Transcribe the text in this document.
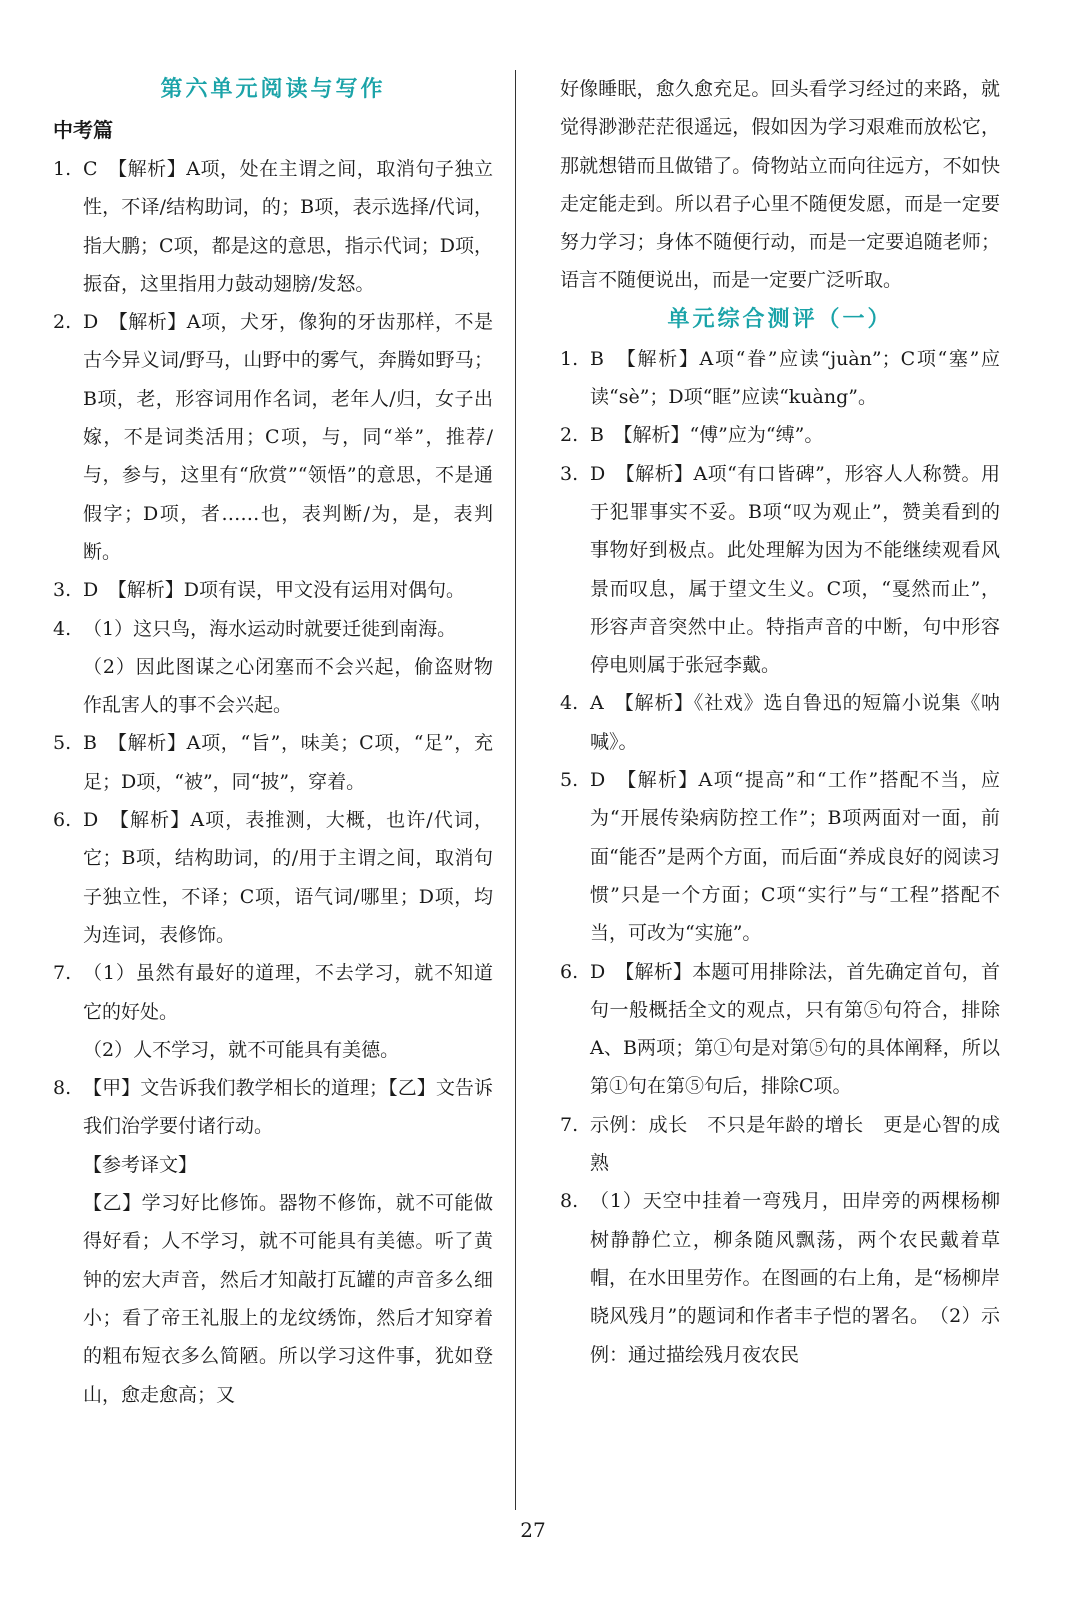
第六单元阅读与写作
中考篇
1. C　【解析】A项，处在主谓之间，取消句子独立性，不译/结构助词，的；B项，表示选择/代词，指大鹏；C项，都是这的意思，指示代词；D项，振奋，这里指用力鼓动翅膀/发怒。
2. D　【解析】A项，犬牙，像狗的牙齿那样，不是古今异义词/野马，山野中的雾气，奔腾如野马；B项，老，形容词用作名词，老年人/归，女子出嫁，不是词类活用；C项，与，同“举”，推荐/与，参与，这里有“欣赏”“领悟”的意思，不是通假字；D项，者……也，表判断/为，是，表判断。
3. D　【解析】D项有误，甲文没有运用对偶句。
4. （1）这只鸟，海水运动时就要迁徙到南海。
（2）因此图谋之心闭塞而不会兴起，偷盗财物作乱害人的事不会兴起。
5. B　【解析】A项，“旨”，味美；C项，“足”，充足；D项，“被”，同“披”，穿着。
6. D　【解析】A项，表推测，大概，也许/代词，它；B项，结构助词，的/用于主谓之间，取消句子独立性，不译；C项，语气词/哪里；D项，均为连词，表修饰。
7. （1）虽然有最好的道理，不去学习，就不知道它的好处。
（2）人不学习，就不可能具有美德。
8. 【甲】文告诉我们教学相长的道理；【乙】文告诉我们治学要付诸行动。
【参考译文】
【乙】学习好比修饰。器物不修饰，就不可能做得好看；人不学习，就不可能具有美德。听了黄钟的宏大声音，然后才知敲打瓦罐的声音多么细小；看了帝王礼服上的龙纹绣饰，然后才知穿着的粗布短衣多么简陋。所以学习这件事，犹如登山，愈走愈高；又
好像睡眠，愈久愈充足。回头看学习经过的来路，就觉得渺渺茫茫很遥远，假如因为学习艰难而放松它，那就想错而且做错了。倚物站立而向往远方，不如快走定能走到。所以君子心里不随便发愿，而是一定要努力学习；身体不随便行动，而是一定要追随老师；语言不随便说出，而是一定要广泛听取。
单元综合测评（一）
1. B　【解析】A项“眷”应读“juàn”；C项“塞”应读“sè”；D项“眶”应读“kuàng”。
2. B　【解析】“傅”应为“缚”。
3. D　【解析】A项“有口皆碑”，形容人人称赞。用于犯罪事实不妥。B项“叹为观止”，赞美看到的事物好到极点。此处理解为因为不能继续观看风景而叹息，属于望文生义。C项，“戛然而止”，形容声音突然中止。特指声音的中断，句中形容停电则属于张冠李戴。
4. A　【解析】《社戏》选自鲁迅的短篇小说集《呐喊》。
5. D　【解析】A项“提高”和“工作”搭配不当，应为“开展传染病防控工作”；B项两面对一面，前面“能否”是两个方面，而后面“养成良好的阅读习惯”只是一个方面；C项“实行”与“工程”搭配不当，可改为“实施”。
6. D　【解析】本题可用排除法，首先确定首句，首句一般概括全文的观点，只有第⑤句符合，排除A、B两项；第①句是对第⑤句的具体阐释，所以第①句在第⑤句后，排除C项。
7. 示例：成长　不只是年龄的增长　更是心智的成熟
8. （1）天空中挂着一弯残月，田岸旁的两棵杨柳树静静伫立，柳条随风飘荡，两个农民戴着草帽，在水田里劳作。在图画的右上角，是“杨柳岸晓风残月”的题词和作者丰子恺的署名。　（2）示例：通过描绘残月夜农民
27
